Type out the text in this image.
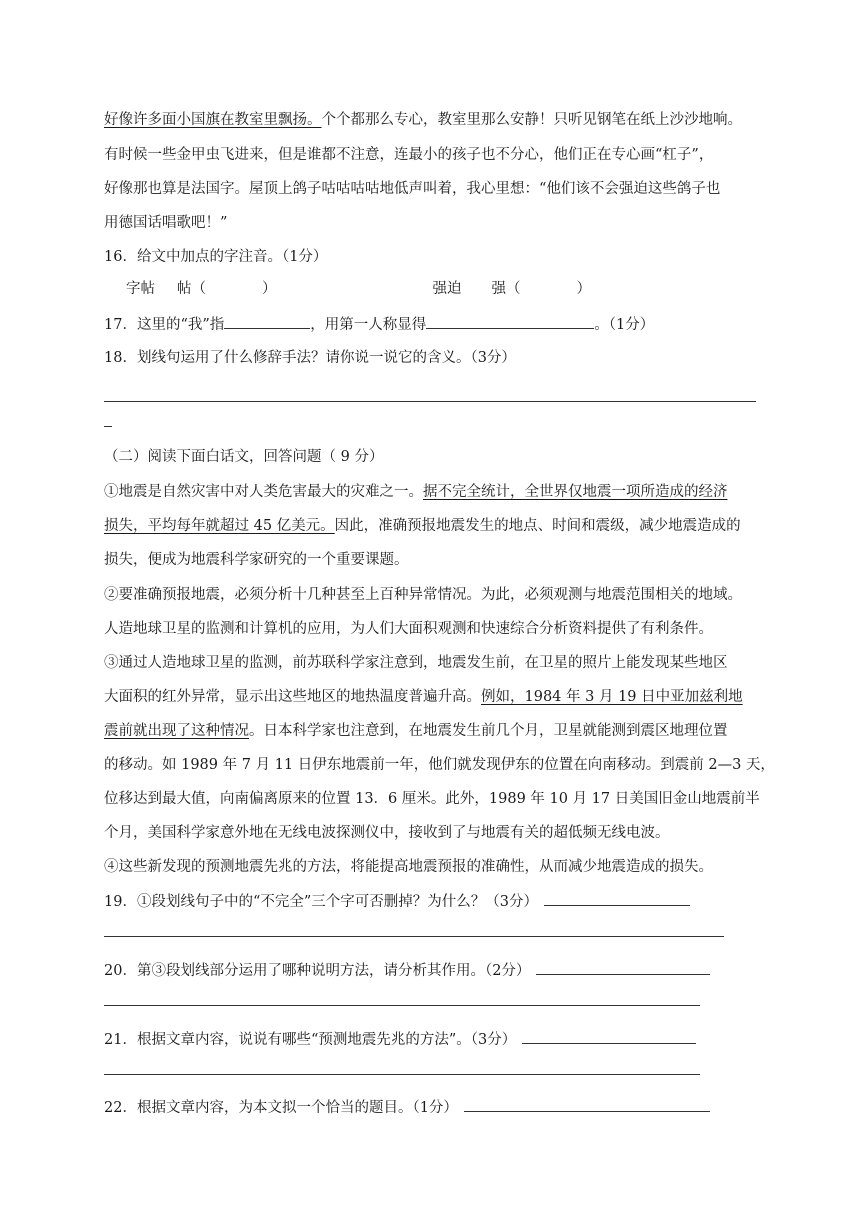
好像许多面小国旗在教室里飘扬。个个都那么专心，教室里那么安静！只听见钢笔在纸上沙沙地响。
有时候一些金甲虫飞进来，但是谁都不注意，连最小的孩子也不分心，他们正在专心画“杠子”，
好像那也算是法国字。屋顶上鸽子咕咕咕咕地低声叫着，我心里想：“他们该不会强迫这些鸽子也
用德国话唱歌吧！”
16．给文中加点的字注音。（1分）
字帖 帖（	）	强迫 强（	）
17．这里的“我”指	，用第一人称显得	。（1分）
18．划线句运用了什么修辞手法？请你说一说它的含义。（3分）
（二）阅读下面白话文，回答问题（ 9 分）
①地震是自然灾害中对人类危害最大的灾难之一。据不完全统计，全世界仅地震一项所造成的经济
损失，平均每年就超过 45 亿美元。因此，准确预报地震发生的地点、时间和震级，减少地震造成的
损失，便成为地震科学家研究的一个重要课题。
②要准确预报地震，必须分析十几种甚至上百种异常情况。为此，必须观测与地震范围相关的地域。
人造地球卫星的监测和计算机的应用，为人们大面积观测和快速综合分析资料提供了有利条件。
③通过人造地球卫星的监测，前苏联科学家注意到，地震发生前，在卫星的照片上能发现某些地区
大面积的红外异常，显示出这些地区的地热温度普遍升高。例如，1984 年 3 月 19 日中亚加兹利地
震前就出现了这种情况。日本科学家也注意到，在地震发生前几个月，卫星就能测到震区地理位置
的移动。如 1989 年 7 月 11 日伊东地震前一年，他们就发现伊东的位置在向南移动。到震前 2—3 天，
位移达到最大值，向南偏离原来的位置 13．6 厘米。此外，1989 年 10 月 17 日美国旧金山地震前半
个月，美国科学家意外地在无线电波探测仪中，接收到了与地震有关的超低频无线电波。
④这些新发现的预测地震先兆的方法，将能提高地震预报的准确性，从而减少地震造成的损失。
19．①段划线句子中的“不完全”三个字可否删掉？为什么？（3分）
20．第③段划线部分运用了哪种说明方法，请分析其作用。（2分）
21．根据文章内容，说说有哪些“预测地震先兆的方法”。（3分）
22．根据文章内容，为本文拟一个恰当的题目。（1分）
